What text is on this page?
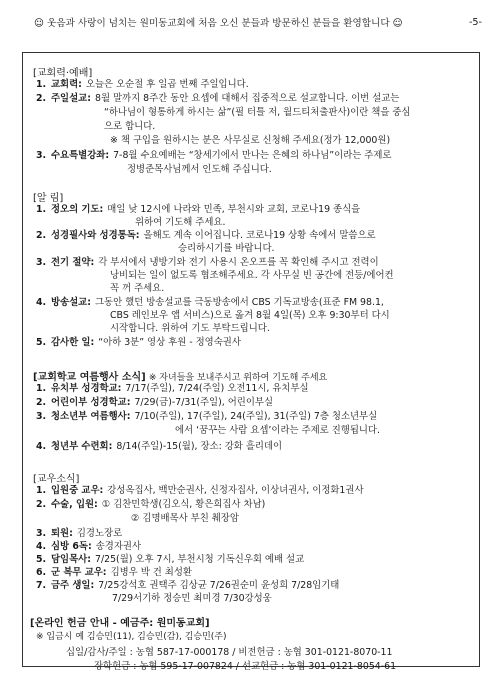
☺ 웃음과 사랑이 넘치는 원미동교회에 처음 오신 분들과 방문하신 분들을 환영합니다 ☺	-5-
[교회력·예배]
1. 교회력: 오늘은 오순절 후 일곱 번째 주일입니다.
2. 주일설교: 8월 말까지 8주간 동안 요셉에 대해서 집중적으로 설교합니다. 이번 설교는
“하나님이 형통하게 하시는 삶”(필 터틀 저, 월드티처출판사)이란 책을 중심
으로 합니다.
※ 책 구입을 원하시는 분은 사무실로 신청해 주세요(정가 12,000원)
3. 수요특별강좌: 7-8월 수요예배는 “창세기에서 만나는 은혜의 하나님”이라는 주제로
정병준목사님께서 인도해 주십니다.
[알 림]
1. 정오의 기도: 매일 낮 12시에 나라와 민족, 부천시와 교회, 코로나19 종식을
위하여 기도해 주세요.
2. 성경필사와 성경통독: 올해도 계속 이어집니다. 코로나19 상황 속에서 말씀으로
승리하시기를 바랍니다.
3. 전기 절약: 각 부서에서 냉방기와 전기 사용시 온오프를 꼭 확인해 주시고 전력이
낭비되는 일이 없도록 협조해주세요. 각 사무실 빈 공간에 전등/에어컨
꼭 꺼 주세요.
4. 방송설교: 그동안 했던 방송설교를 극동방송에서 CBS 기독교방송(표준 FM 98.1,
CBS 레인보우 앱 서비스)으로 옮겨 8월 4일(목) 오후 9:30부터 다시
시작합니다. 위하여 기도 부탁드립니다.
5. 감사한 일: “아하 3분” 영상 후원 - 정영숙권사
[교회학교 여름행사 소식] ※ 자녀들을 보내주시고 위하여 기도해 주세요
1. 유치부 성경학교: 7/17(주일), 7/24(주일) 오전11시, 유치부실
2. 어린이부 성경학교: 7/29(금)-7/31(주일), 어린이부실
3. 청소년부 여름행사: 7/10(주일), 17(주일), 24(주일), 31(주일) 7층 청소년부실
에서 ‘꿈꾸는 사람 요셉’이라는 주제로 진행됩니다.
4. 청년부 수련회: 8/14(주일)-15(월), 장소: 강화 흘리데이
[교우소식]
1. 입원중 교우: 강성옥집사, 백만순권사, 신정자집사, 이상녀권사, 이정화1권사
2. 수술, 입원: ① 김찬민학생(김오식, 황은희집사 차남)
② 김명배목사 부친 췌장암
3. 퇴원: 김경노장로
4. 심방 6독: 송경자권사
5. 담임목사: 7/25(월) 오후 7시, 부천시청 기독신우회 예배 설교
6. 군 복무 교우: 김병우 박 건 최성환
7. 금주 생일: 7/25강석호 권택주 김상균 7/26권순미 윤성희 7/28임기태
7/29서기하 정승민 최미경 7/30강성웅
[온라인 헌금 안내 - 예금주: 원미동교회]
※ 입금시 예 김승민(11), 김승민(감), 김승민(주)
십일/감사/주일 : 농협 587-17-000178 / 비전헌금 : 농협 301-0121-8070-11
장학헌금 : 농협 595-17-007824 / 선교헌금 : 농협 301-0121-8054-61
